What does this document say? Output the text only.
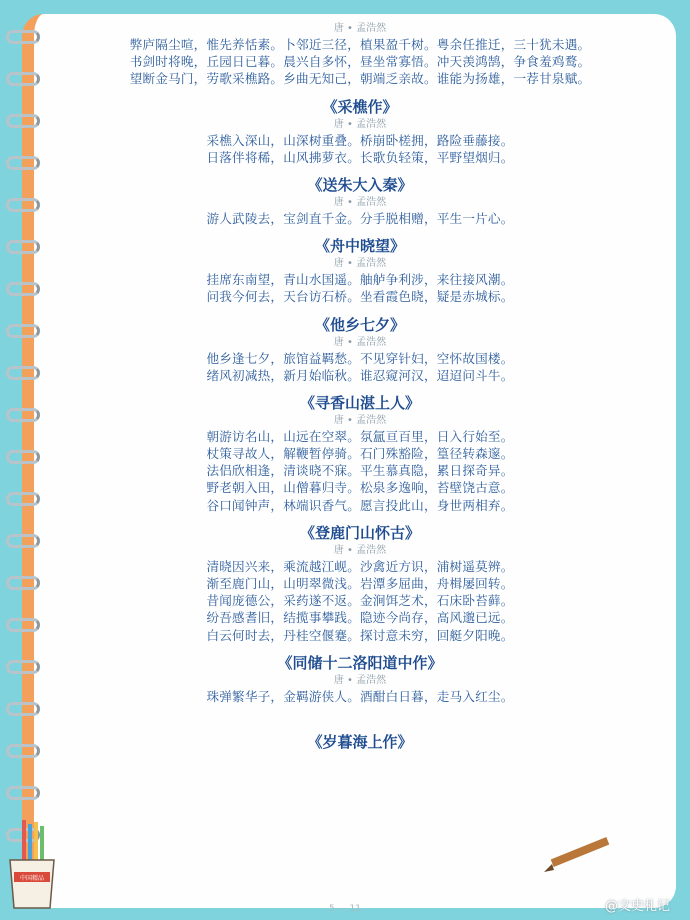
唐 • 孟浩然
弊庐隔尘喧，惟先养恬素。卜邻近三径，植果盈千树。粤余任推迁，三十犹未遇。
书剑时将晚，丘园日已暮。晨兴自多怀，昼坐常寡悟。冲天羡鸿鹄，争食羞鸡鹜。
望断金马门，劳歌采樵路。乡曲无知己，朝端乏亲故。谁能为扬雄，一荐甘泉赋。
《采樵作》
唐 • 孟浩然
采樵入深山，山深树重叠。桥崩卧槎拥，路险垂藤接。
日落伴将稀，山风拂萝衣。长歌负轻策，平野望烟归。
《送朱大入秦》
唐 • 孟浩然
游人武陵去，宝剑直千金。分手脱相赠，平生一片心。
《舟中晓望》
唐 • 孟浩然
挂席东南望，青山水国遥。舳舻争利涉，来往接风潮。
问我今何去，天台访石桥。坐看霞色晓，疑是赤城标。
《他乡七夕》
唐 • 孟浩然
他乡逢七夕，旅馆益羁愁。不见穿针妇，空怀故国楼。
绪风初减热，新月始临秋。谁忍窥河汉，迢迢问斗牛。
《寻香山湛上人》
唐 • 孟浩然
朝游访名山，山远在空翠。氛氲亘百里，日入行始至。
杖策寻故人，解鞭暂停骑。石门殊豁险，篁径转森邃。
法侣欣相逢，清谈晓不寐。平生慕真隐，累日探奇异。
野老朝入田，山僧暮归寺。松泉多逸响，苔壁饶古意。
谷口闻钟声，林端识香气。愿言投此山，身世两相弃。
《登鹿门山怀古》
唐 • 孟浩然
清晓因兴来，乘流越江岘。沙禽近方识，浦树遥莫辨。
渐至鹿门山，山明翠微浅。岩潭多屈曲，舟楫屡回转。
昔闻庞德公，采药遂不返。金涧饵芝术，石床卧苔藓。
纷吾感耆旧，结揽事攀践。隐迹今尚存，高风邈已远。
白云何时去，丹桂空偃蹇。探讨意未穷，回艇夕阳晚。
《同储十二洛阳道中作》
唐 • 孟浩然
珠弹繁华子，金羁游侠人。酒酣白日暮，走马入红尘。
《岁暮海上作》
中国精品
5 — 11	@文史札记
